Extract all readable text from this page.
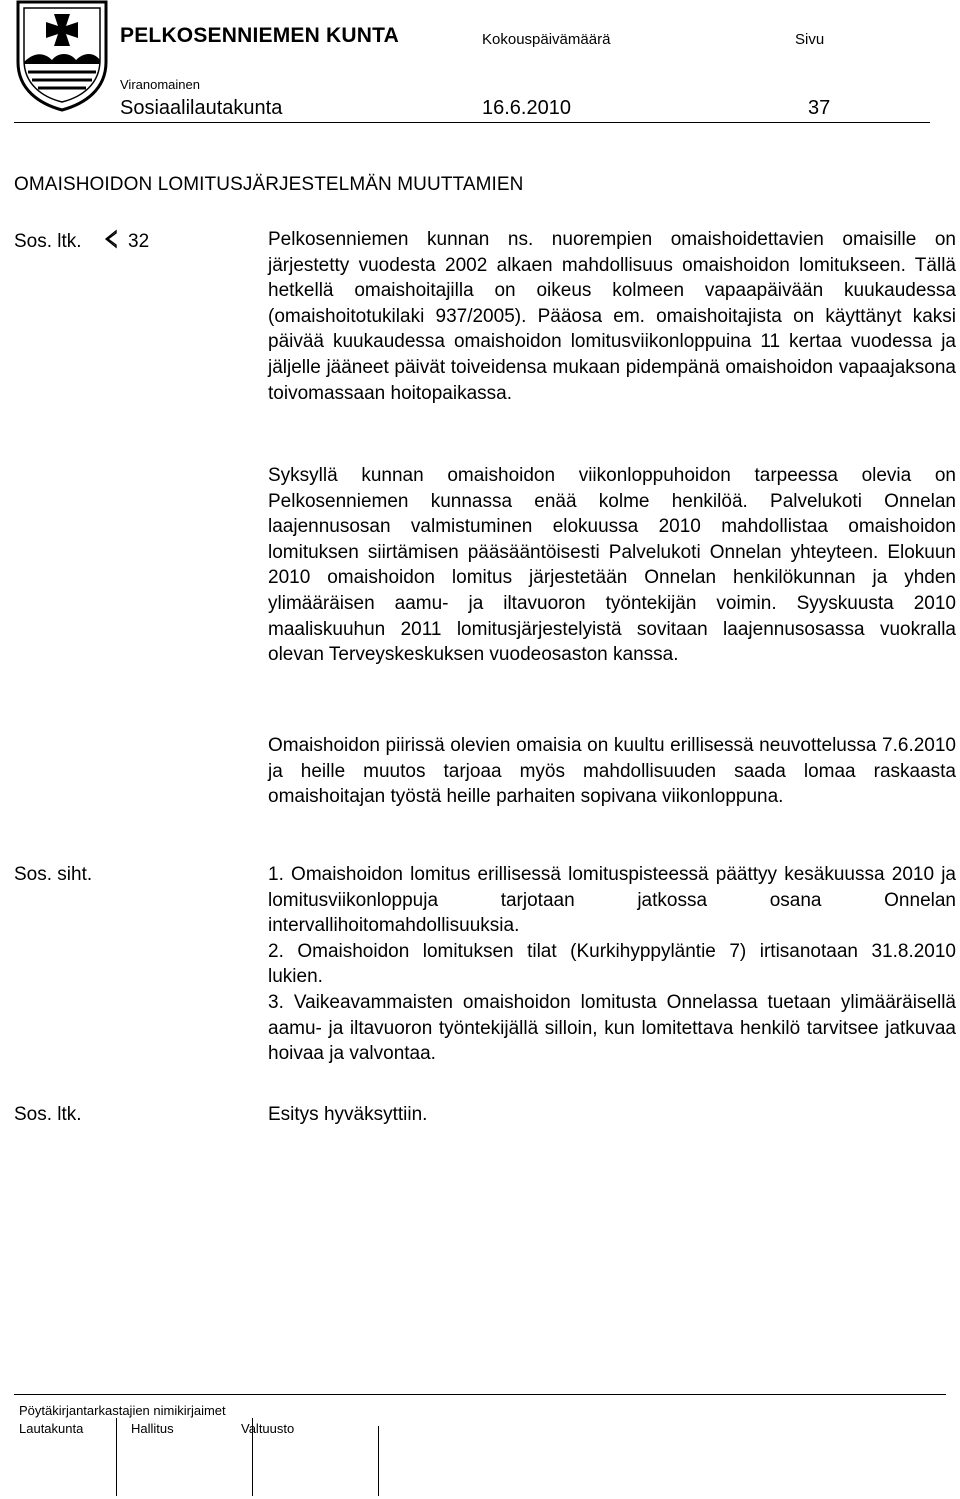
PELKOSENNIEMEN KUNTA	Kokouspäivämäärä	Sivu
Viranomainen
Sosiaalilautakunta	16.6.2010	37
OMAISHOIDON LOMITUSJÄRJESTELMÄN MUUTTAMIEN
Sos. ltk. 32	Pelkosenniemen kunnan ns. nuorempien omaishoidettavien omaisille on järjestetty vuodesta 2002 alkaen mahdollisuus omaishoidon lomitukseen. Tällä hetkellä omaishoitajilla on oikeus kolmeen vapaapäivään kuukaudessa (omaishoitotukilaki 937/2005). Pääosa em. omaishoitajista on käyttänyt kaksi päivää kuukaudessa omaishoidon lomitusviikonloppuina 11 kertaa vuodessa ja jäljelle jääneet päivät toiveidensa mukaan pidempänä omaishoidon vapaajaksona toivomassaan hoitopaikassa.
Syksyllä kunnan omaishoidon viikonloppuhoidon tarpeessa olevia on Pelkosenniemen kunnassa enää kolme henkilöä. Palvelukoti Onnelan laajennusosan valmistuminen elokuussa 2010 mahdollistaa omaishoidon lomituksen siirtämisen pääsääntöisesti Palvelukoti Onnelan yhteyteen. Elokuun 2010 omaishoidon lomitus järjestetään Onnelan henkilökunnan ja yhden ylimääräisen aamu- ja iltavuoron työntekijän voimin. Syyskuusta 2010 maaliskuuhun 2011 lomitusjärjestelyistä sovitaan laajennusosassa vuokralla olevan Terveyskeskuksen vuodeosaston kanssa.
Omaishoidon piirissä olevien omaisia on kuultu erillisessä neuvottelussa 7.6.2010 ja heille muutos tarjoaa myös mahdollisuuden saada lomaa raskaasta omaishoitajan työstä heille parhaiten sopivana viikonloppuna.
Sos. siht.	1. Omaishoidon lomitus erillisessä lomituspisteessä päättyy kesäkuussa 2010 ja lomitusviikonloppuja tarjotaan jatkossa osana Onnelan intervallihoitomahdollisuuksia.

2. Omaishoidon lomituksen tilat (Kurkihyppyläntie 7) irtisanotaan 31.8.2010 lukien.

3. Vaikeavammaisten omaishoidon lomitusta Onnelassa tuetaan ylimääräisellä aamu- ja iltavuoron työntekijällä silloin, kun lomitettava henkilö tarvitsee jatkuvaa hoivaa ja valvontaa.

Sos. ltk.	Esitys hyväksyttiin.
Pöytäkirjantarkastajien nimikirjaimet
Lautakunta	Hallitus	Valtuusto
